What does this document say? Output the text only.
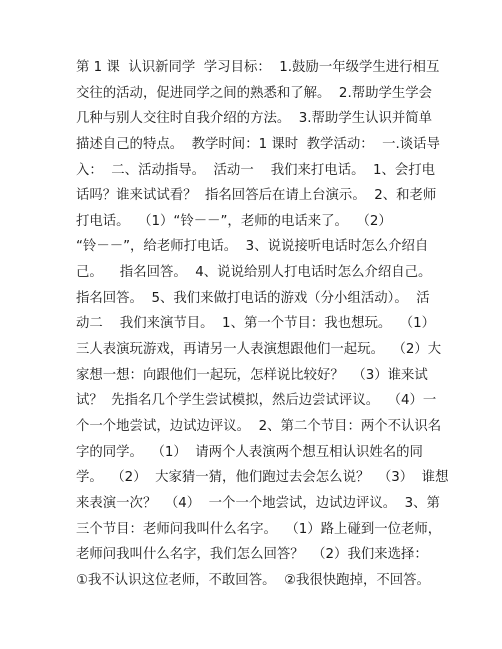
第 1 课  认识新同学  学习目标：  1.鼓励一年级学生进行相互
交往的活动，促进同学之间的熟悉和了解。  2.帮助学生学会
几种与别人交往时自我介绍的方法。  3.帮助学生认识并简单
描述自己的特点。  教学时间：1 课时  教学活动：  一.谈话导
入：  二、活动指导。  活动一    我们来打电话。  1、会打电
话吗？谁来试试看？  指名回答后在请上台演示。  2、和老师
打电话。  （1）“铃－－”，老师的电话来了。  （2）
“铃－－”，给老师打电话。  3、说说接听电话时怎么介绍自
己。    指名回答。  4、说说给别人打电话时怎么介绍自己。
指名回答。  5、我们来做打电话的游戏（分小组活动）。  活
动二    我们来演节目。  1、第一个节目：我也想玩。  （1）
三人表演玩游戏，再请另一人表演想跟他们一起玩。  （2）大
家想一想：向跟他们一起玩，怎样说比较好？  （3）谁来试
试？  先指名几个学生尝试模拟，然后边尝试评议。  （4）一
个一个地尝试，边试边评议。  2、第二个节目：两个不认识名
字的同学。  （1）  请两个人表演两个想互相认识姓名的同
学。  （2）  大家猜一猜，他们跑过去会怎么说？  （3）  谁想
来表演一次？  （4）  一个一个地尝试，边试边评议。  3、第
三个节目：老师问我叫什么名字。  （1）路上碰到一位老师，
老师问我叫什么名字，我们怎么回答？  （2）我们来选择：
①我不认识这位老师，不敢回答。  ②我很快跑掉，不回答。
